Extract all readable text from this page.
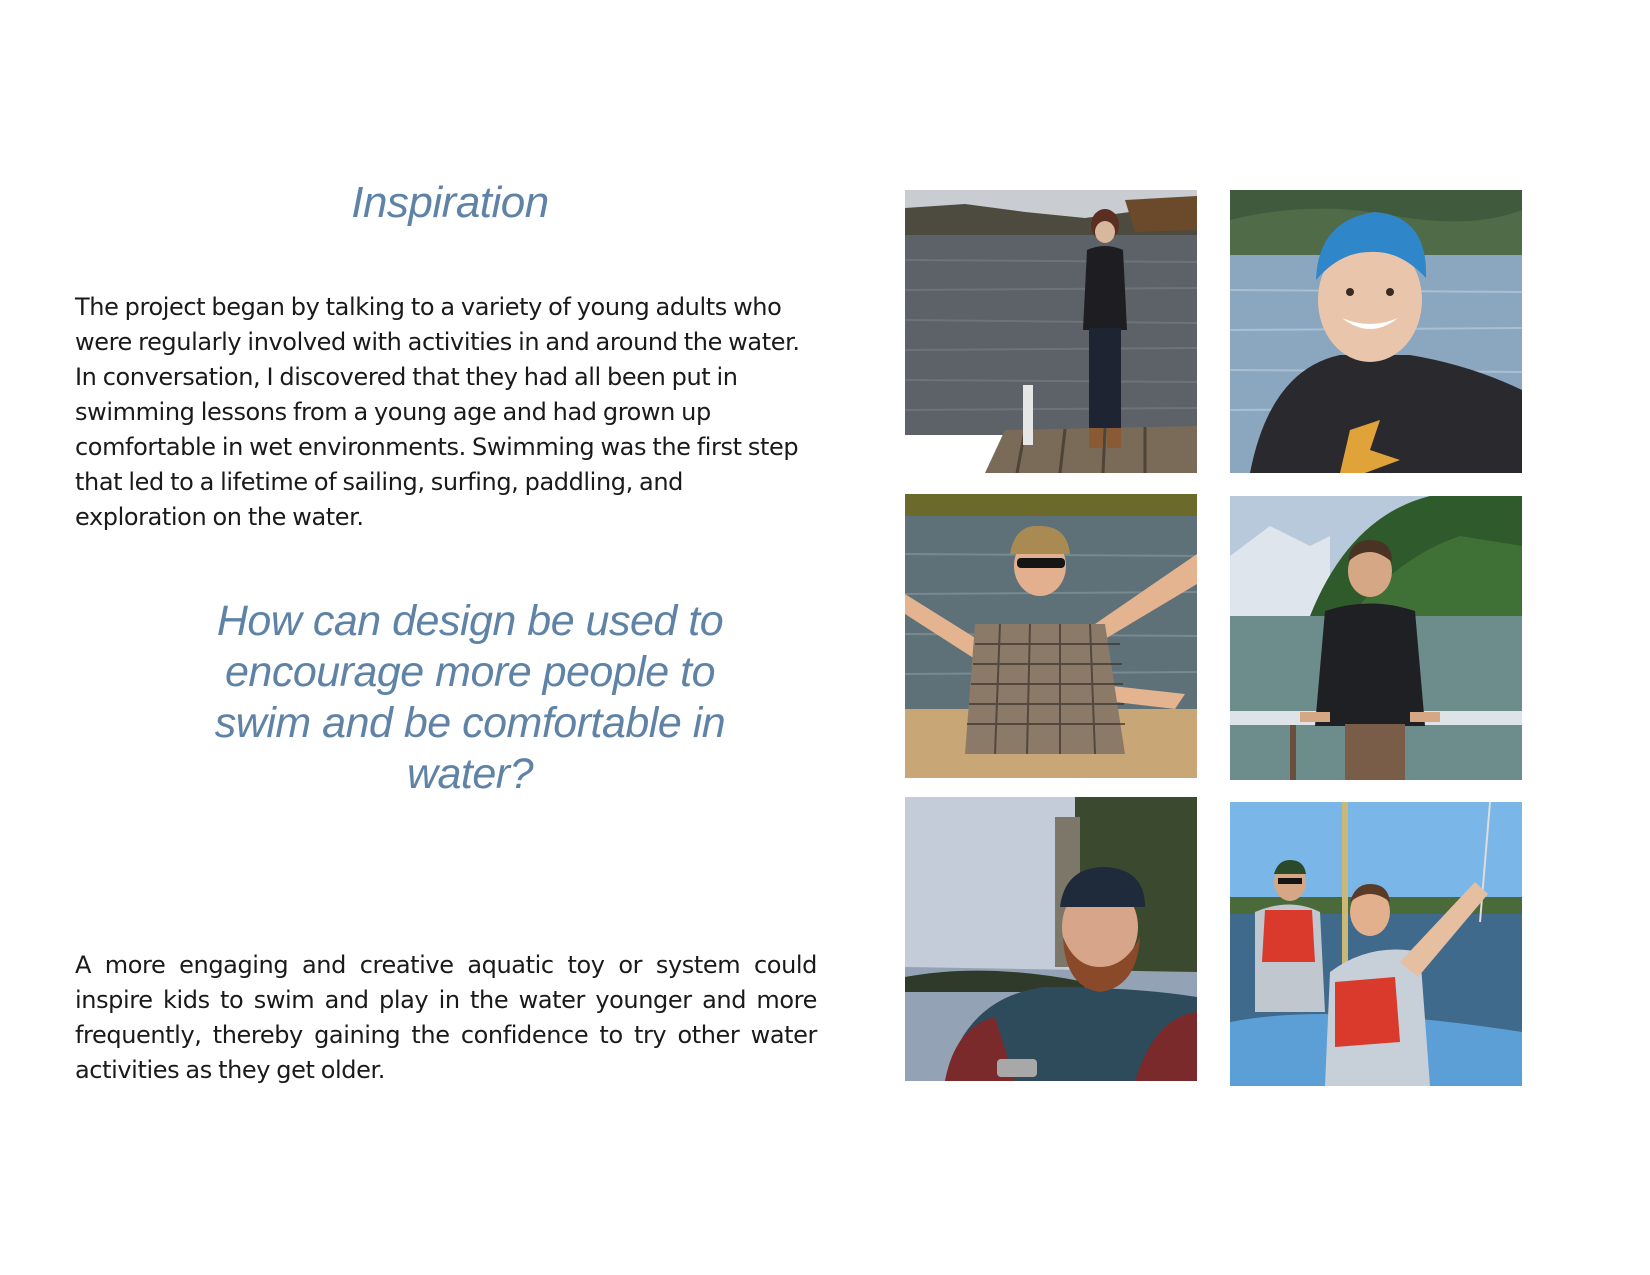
Inspiration

The project began by talking to a variety of young adults who were regularly involved with activities in and around the water. In conversation, I discovered that they had all been put in swimming lessons from a young age and had grown up comfortable in wet environments. Swimming was the first step that led to a lifetime of sailing, surfing, paddling, and exploration on the water.

How can design be used to encourage more people to swim and be comfortable in water?

A more engaging and creative aquatic toy or system could inspire kids to swim and play in the water younger and more frequently, thereby gaining the confidence to try other water activities as they get older.
